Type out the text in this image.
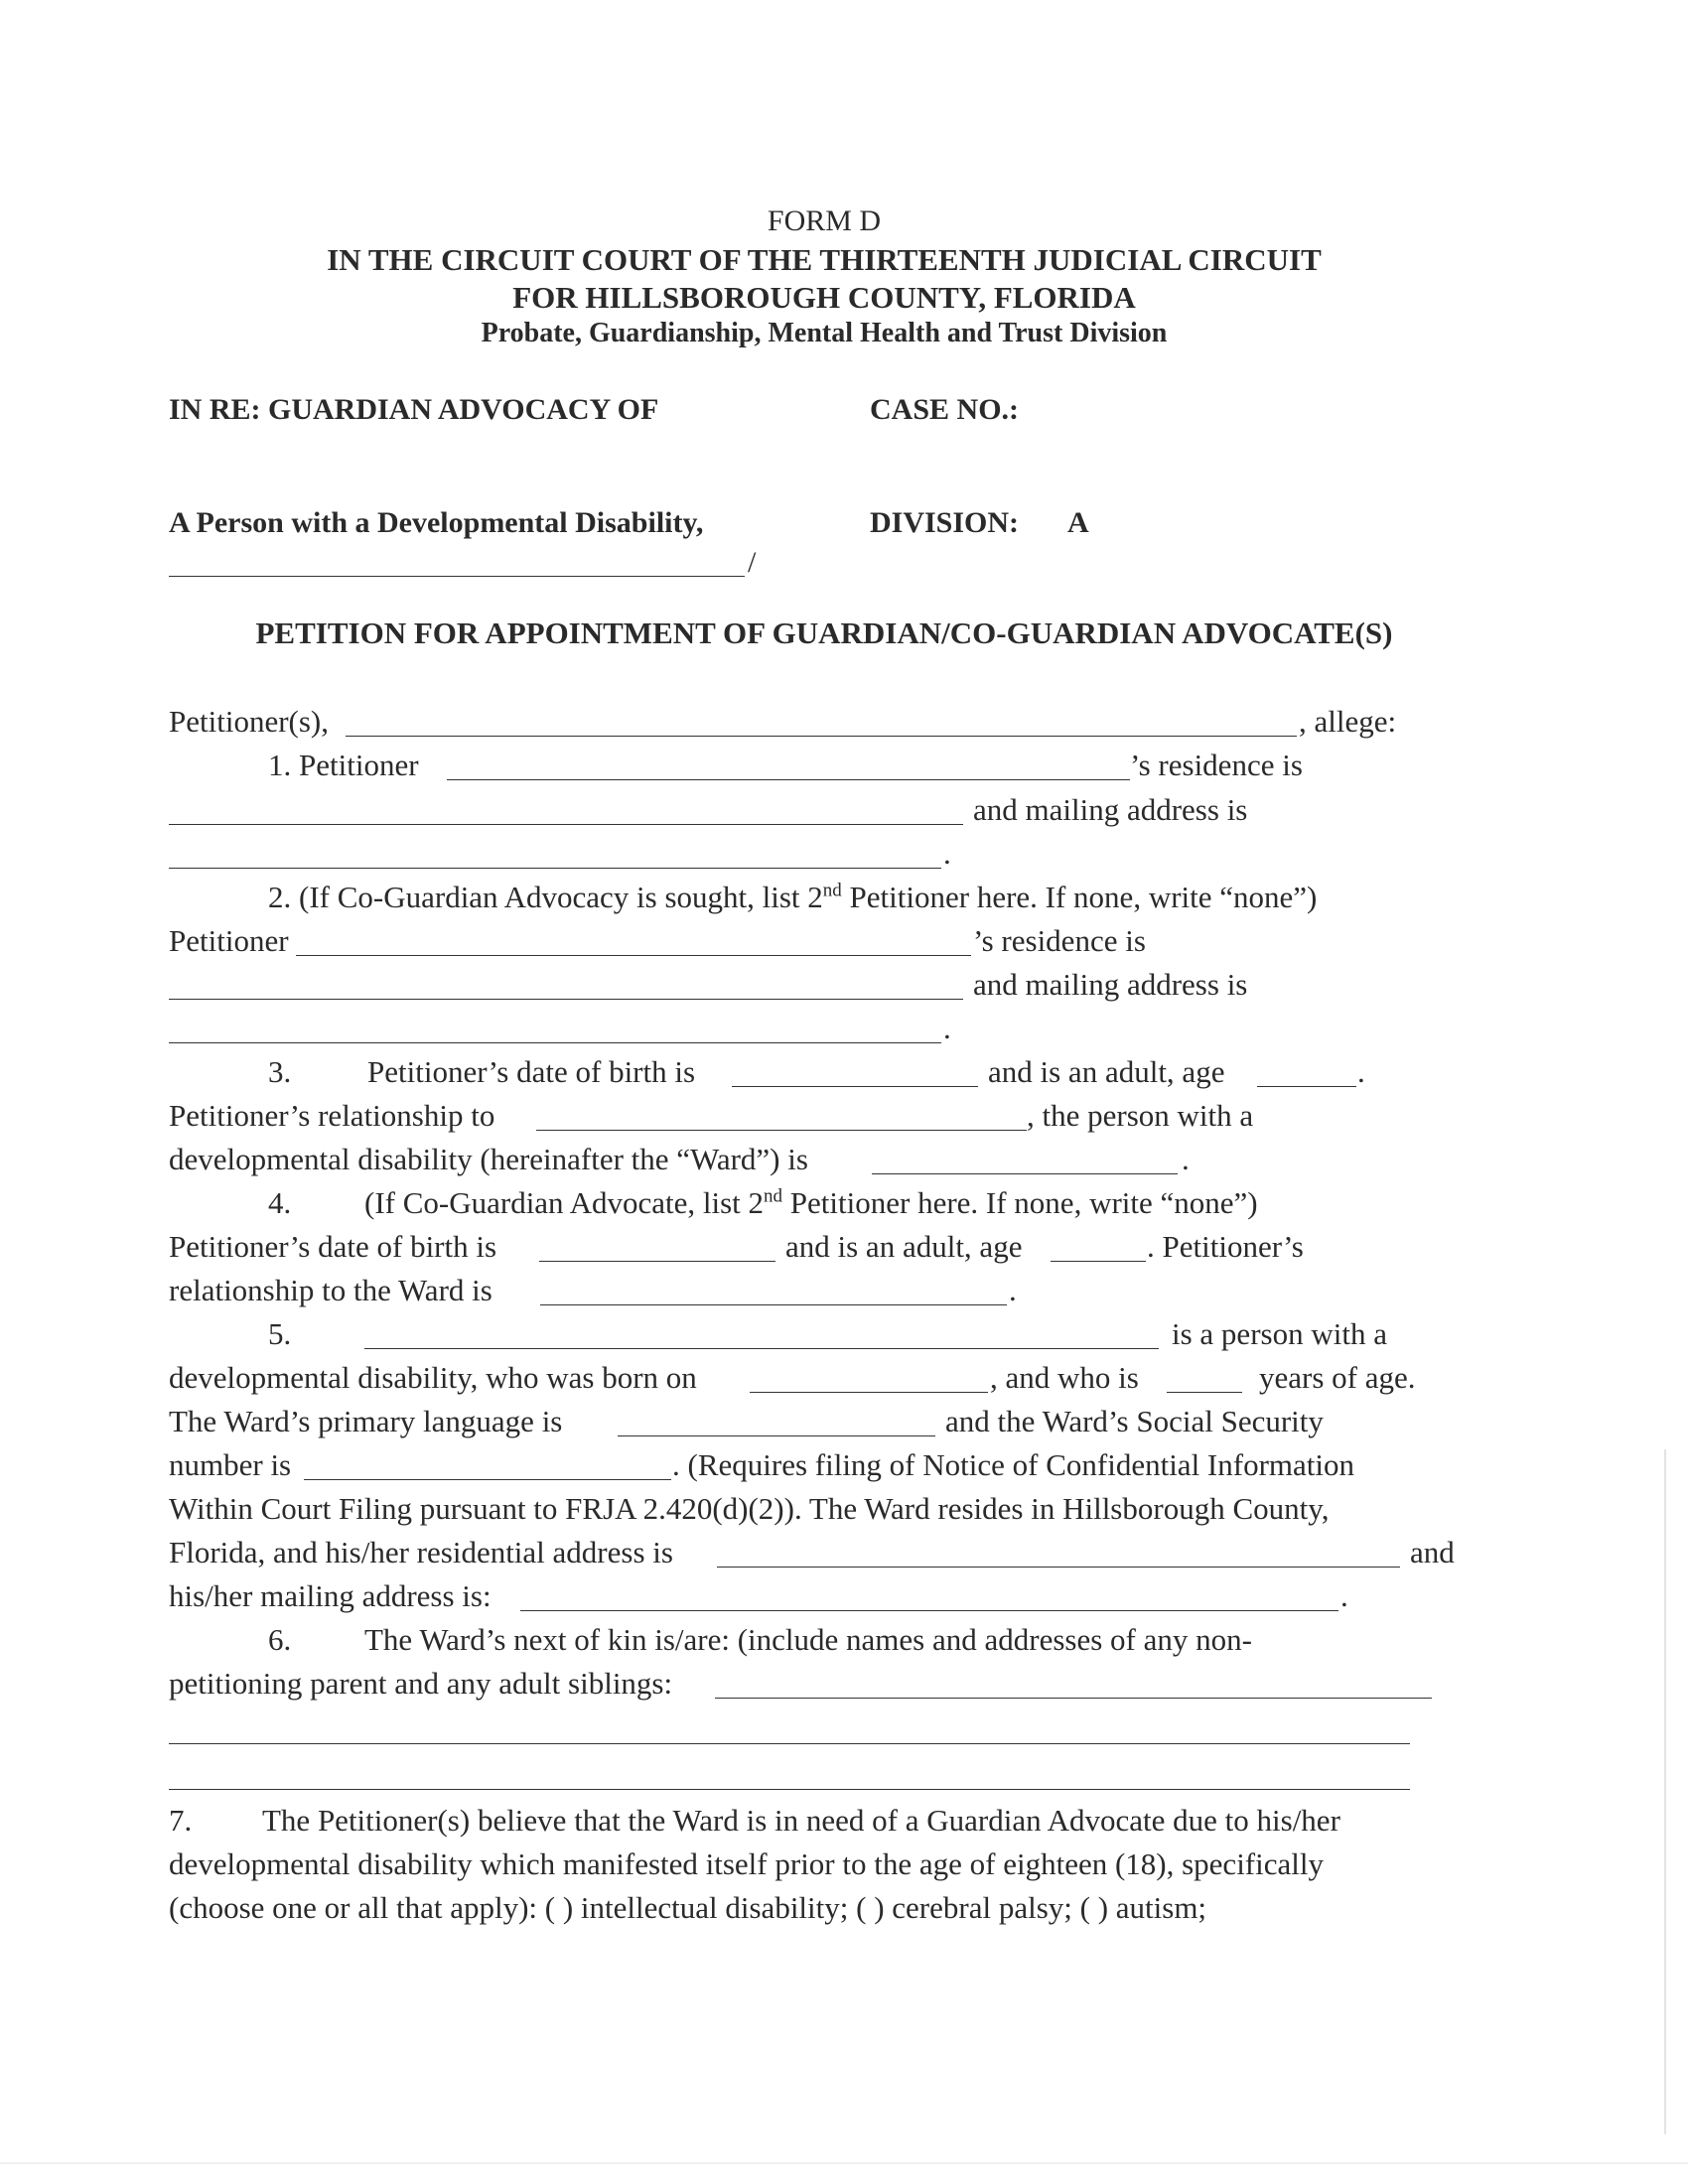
FORM D
IN THE CIRCUIT COURT OF THE THIRTEENTH JUDICIAL CIRCUIT
FOR HILLSBOROUGH COUNTY, FLORIDA
Probate, Guardianship, Mental Health and Trust Division
IN RE: GUARDIAN ADVOCACY OF	CASE NO.:
A Person with a Developmental Disability,	DIVISION: A
/
PETITION FOR APPOINTMENT OF GUARDIAN/CO-GUARDIAN ADVOCATE(S)
Petitioner(s),	, allege:
1. Petitioner	’s residence is
and mailing address is
.
2. (If Co-Guardian Advocacy is sought, list 2nd Petitioner here. If none, write “none”)
Petitioner	’s residence is
and mailing address is
.
3. Petitioner’s date of birth is	and is an adult, age	.
Petitioner’s relationship to	, the person with a
developmental disability (hereinafter the “Ward”) is	.
4. (If Co-Guardian Advocate, list 2nd Petitioner here. If none, write “none”)
Petitioner’s date of birth is	and is an adult, age	. Petitioner’s
relationship to the Ward is	.
5.	is a person with a
developmental disability, who was born on	, and who is	years of age.
The Ward’s primary language is	and the Ward’s Social Security
number is	. (Requires filing of Notice of Confidential Information
Within Court Filing pursuant to FRJA 2.420(d)(2)). The Ward resides in Hillsborough County,
Florida, and his/her residential address is	and
his/her mailing address is:	.
6. The Ward’s next of kin is/are: (include names and addresses of any non-
petitioning parent and any adult siblings:
7. The Petitioner(s) believe that the Ward is in need of a Guardian Advocate due to his/her
developmental disability which manifested itself prior to the age of eighteen (18), specifically
(choose one or all that apply): ( ) intellectual disability; ( ) cerebral palsy; ( ) autism;
